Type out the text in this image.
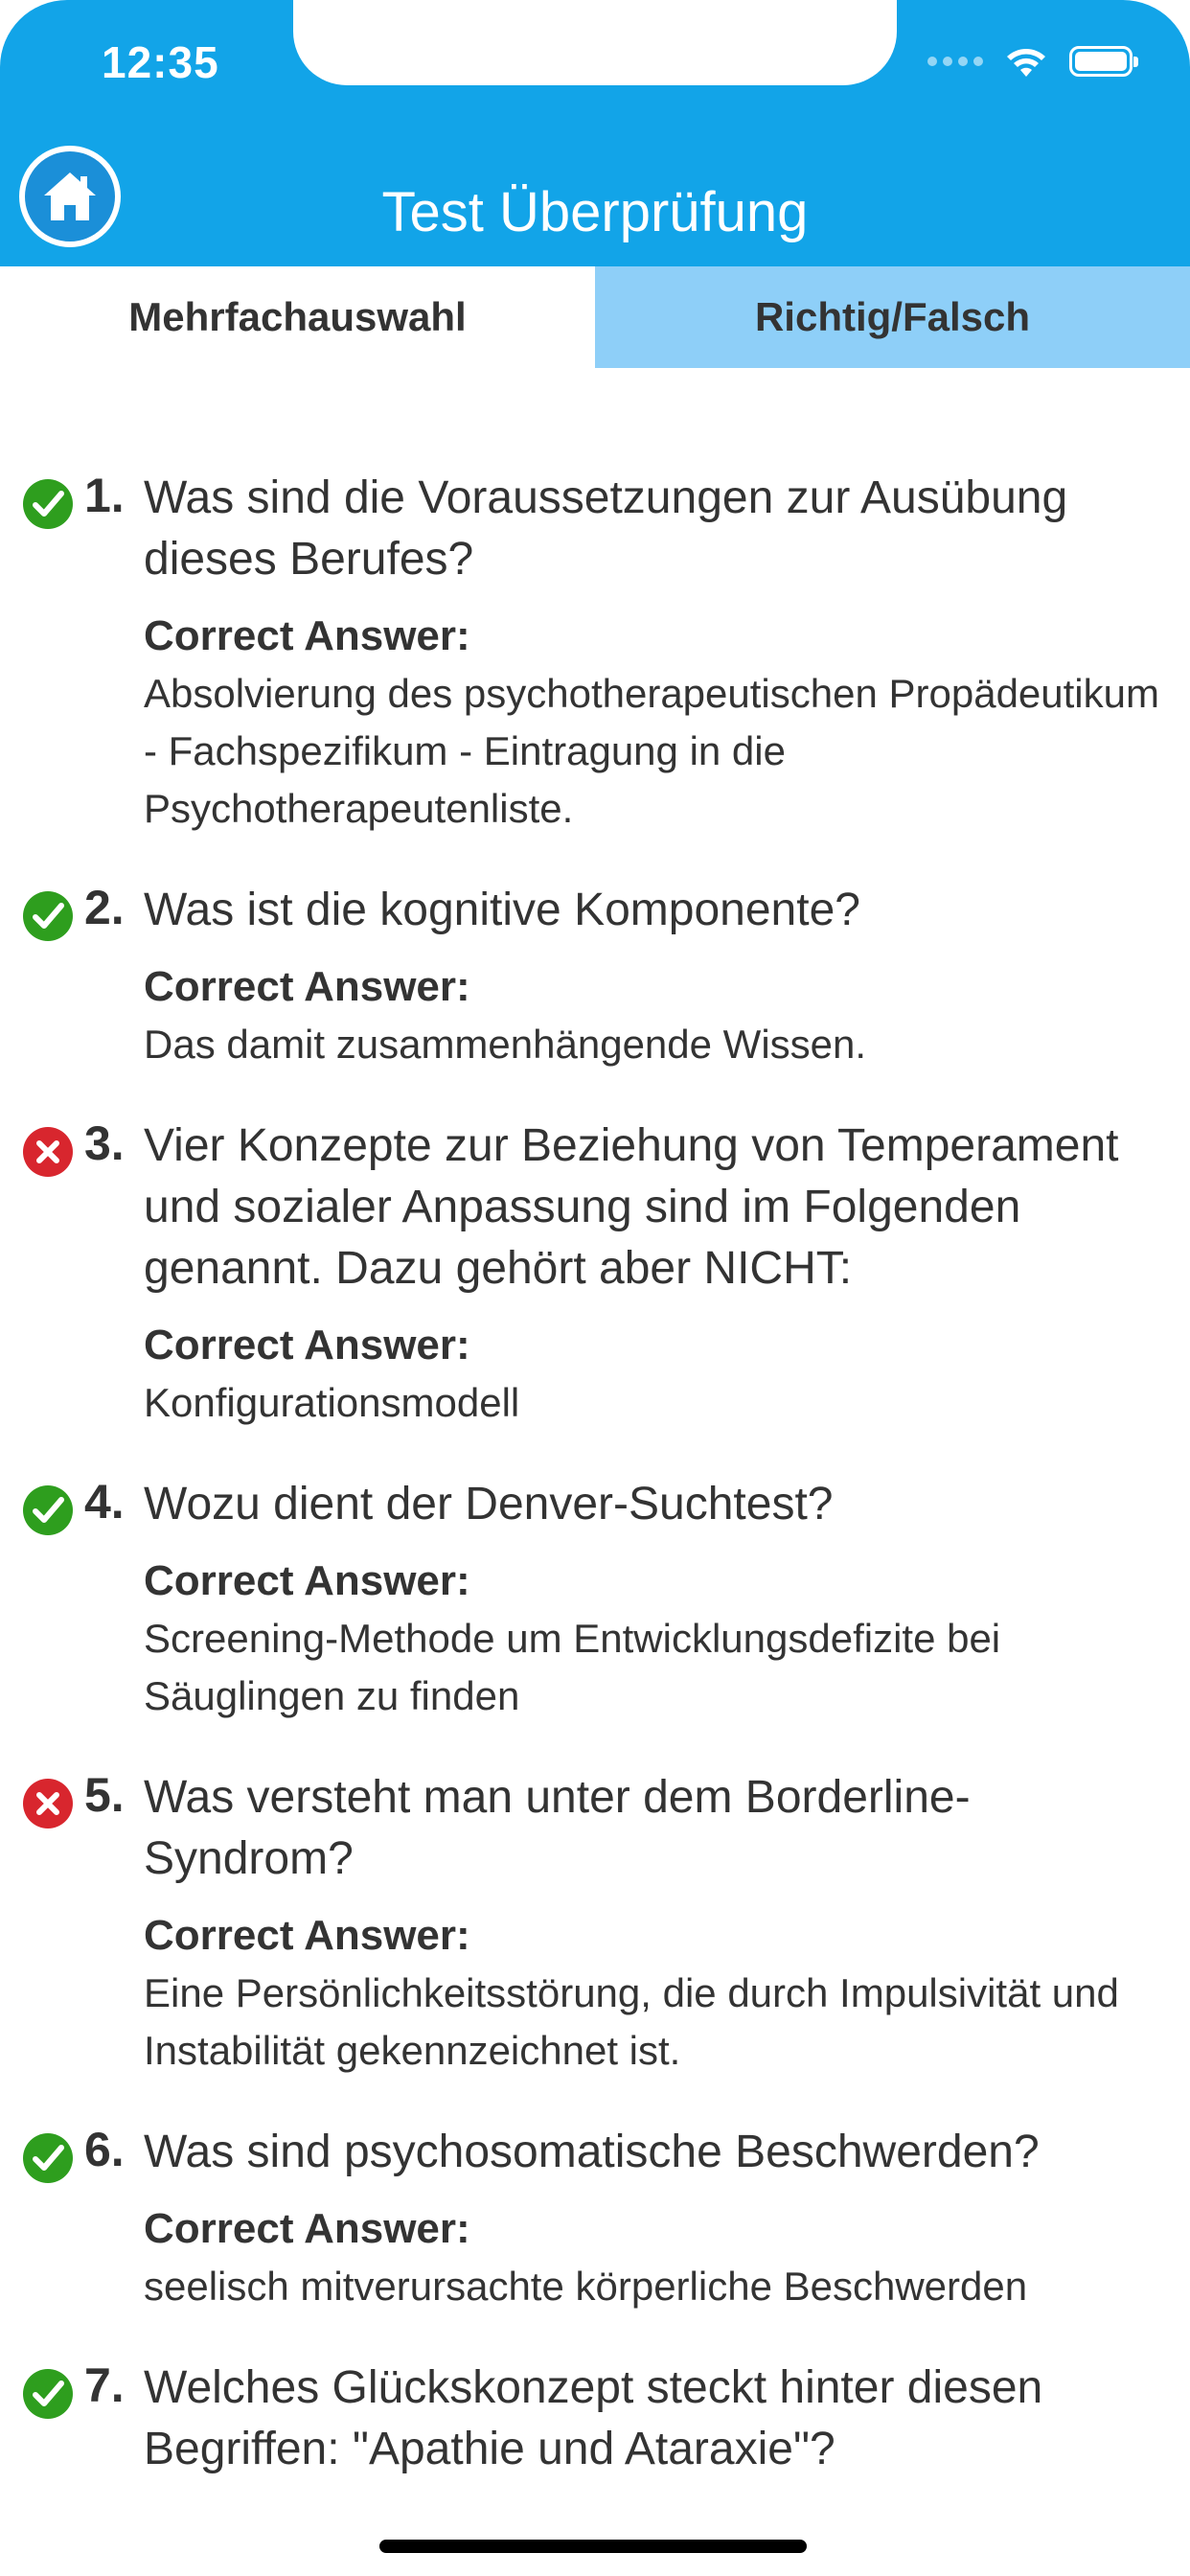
12:35
Test Überprüfung
Mehrfachauswahl	Richtig/Falsch
1. Was sind die Voraussetzungen zur Ausübung dieses Berufes?
Correct Answer:
Absolvierung des psychotherapeutischen Propädeutikum - Fachspezifikum - Eintragung in die Psychotherapeutenliste.
2. Was ist die kognitive Komponente?
Correct Answer:
Das damit zusammenhängende Wissen.
3. Vier Konzepte zur Beziehung von Temperament und sozialer Anpassung sind im Folgenden genannt. Dazu gehört aber NICHT:
Correct Answer:
Konfigurationsmodell
4. Wozu dient der Denver-Suchtest?
Correct Answer:
Screening-Methode um Entwicklungsdefizite bei Säuglingen zu finden
5. Was versteht man unter dem Borderline-Syndrom?
Correct Answer:
Eine Persönlichkeitsstörung, die durch Impulsivität und Instabilität gekennzeichnet ist.
6. Was sind psychosomatische Beschwerden?
Correct Answer:
seelisch mitverursachte körperliche Beschwerden
7. Welches Glückskonzept steckt hinter diesen Begriffen: "Apathie und Ataraxie"?
